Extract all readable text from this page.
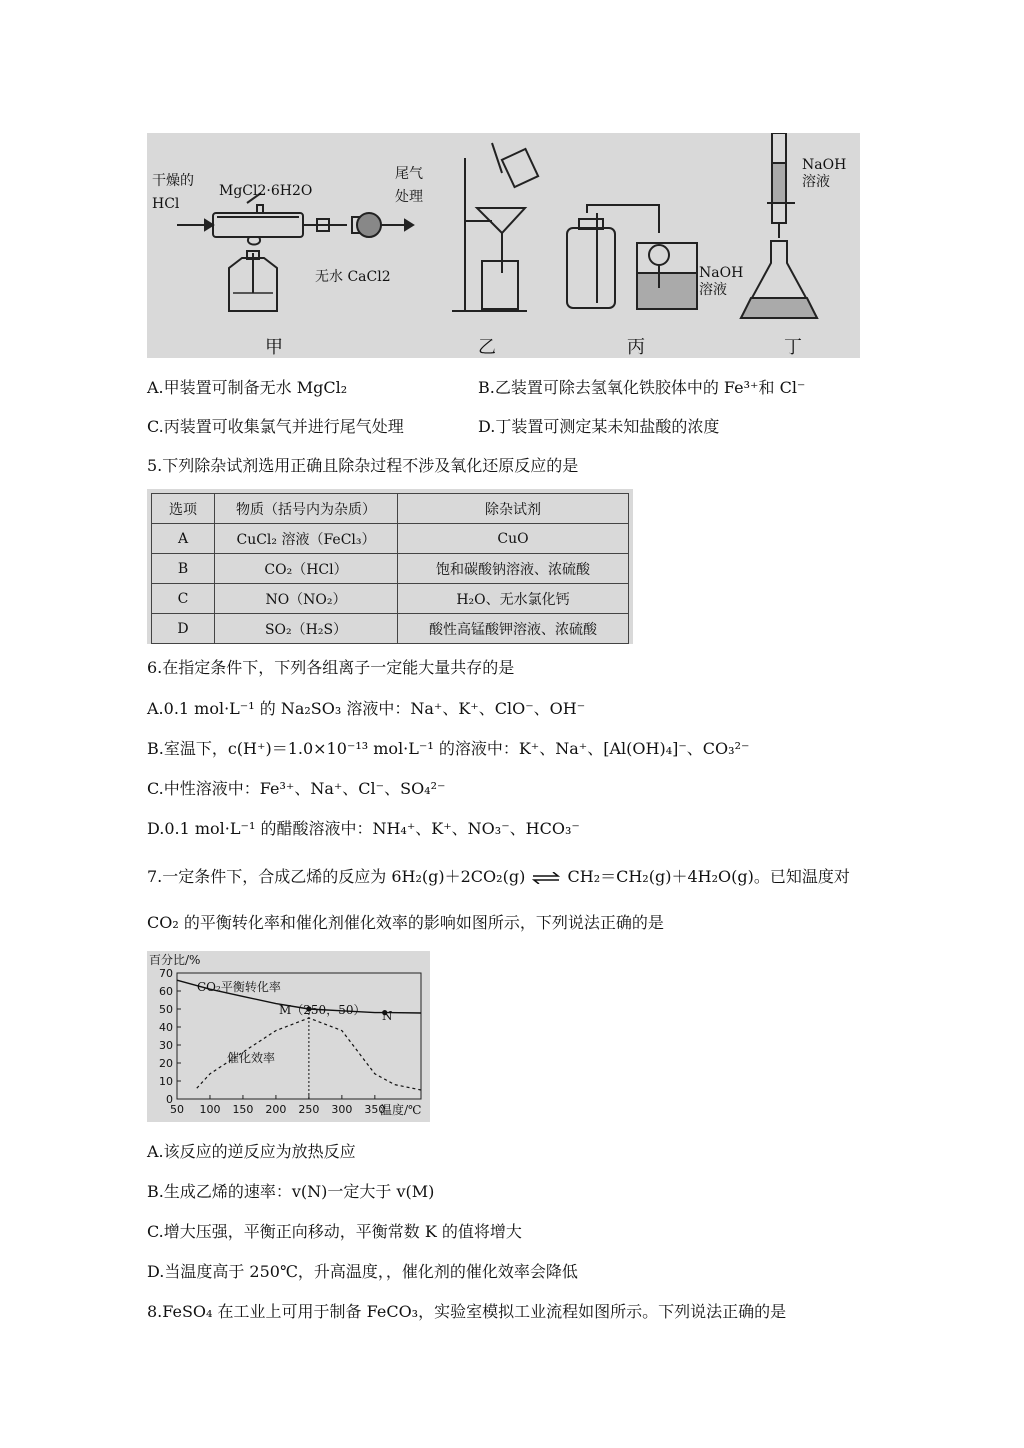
干燥的
HCl
MgCl2·6H2O
尾气
处理
无水 CaCl2	NaOH
溶液
NaOH
溶液
甲	乙	丙	丁
A.甲装置可制备无水 MgCl₂	B.乙装置可除去氢氧化铁胶体中的 Fe³⁺和 Cl⁻
C.丙装置可收集氯气并进行尾气处理	D.丁装置可测定某未知盐酸的浓度
5.下列除杂试剂选用正确且除杂过程不涉及氧化还原反应的是
选项	物质（括号内为杂质）	除杂试剂
A	CuCl₂ 溶液（FeCl₃）	CuO
B	CO₂（HCl）	饱和碳酸钠溶液、浓硫酸
C	NO（NO₂）	H₂O、无水氯化钙
D	SO₂（H₂S）	酸性高锰酸钾溶液、浓硫酸
6.在指定条件下，下列各组离子一定能大量共存的是
A.0.1 mol·L⁻¹ 的 Na₂SO₃ 溶液中：Na⁺、K⁺、ClO⁻、OH⁻
B.室温下，c(H⁺)＝1.0×10⁻¹³ mol·L⁻¹ 的溶液中：K⁺、Na⁺、[Al(OH)₄]⁻、CO₃²⁻
C.中性溶液中：Fe³⁺、Na⁺、Cl⁻、SO₄²⁻
D.0.1 mol·L⁻¹ 的醋酸溶液中：NH₄⁺、K⁺、NO₃⁻、HCO₃⁻
7.一定条件下，合成乙烯的反应为 6H₂(g)＋2CO₂(g) ⇌ CH₂＝CH₂(g)＋4H₂O(g)。已知温度对
CO₂ 的平衡转化率和催化剂催化效率的影响如图所示，下列说法正确的是
0
10
20
30
40
50
60
70
50 100 150 200 250 300 350
百分比/%
温度/℃
CO₂平衡转化率
催化效率
M（250，50） N
A.该反应的逆反应为放热反应
B.生成乙烯的速率：v(N)一定大于 v(M)
C.增大压强，平衡正向移动，平衡常数 K 的值将增大
D.当温度高于 250℃，升高温度，，催化剂的催化效率会降低
8.FeSO₄ 在工业上可用于制备 FeCO₃，实验室模拟工业流程如图所示。下列说法正确的是
